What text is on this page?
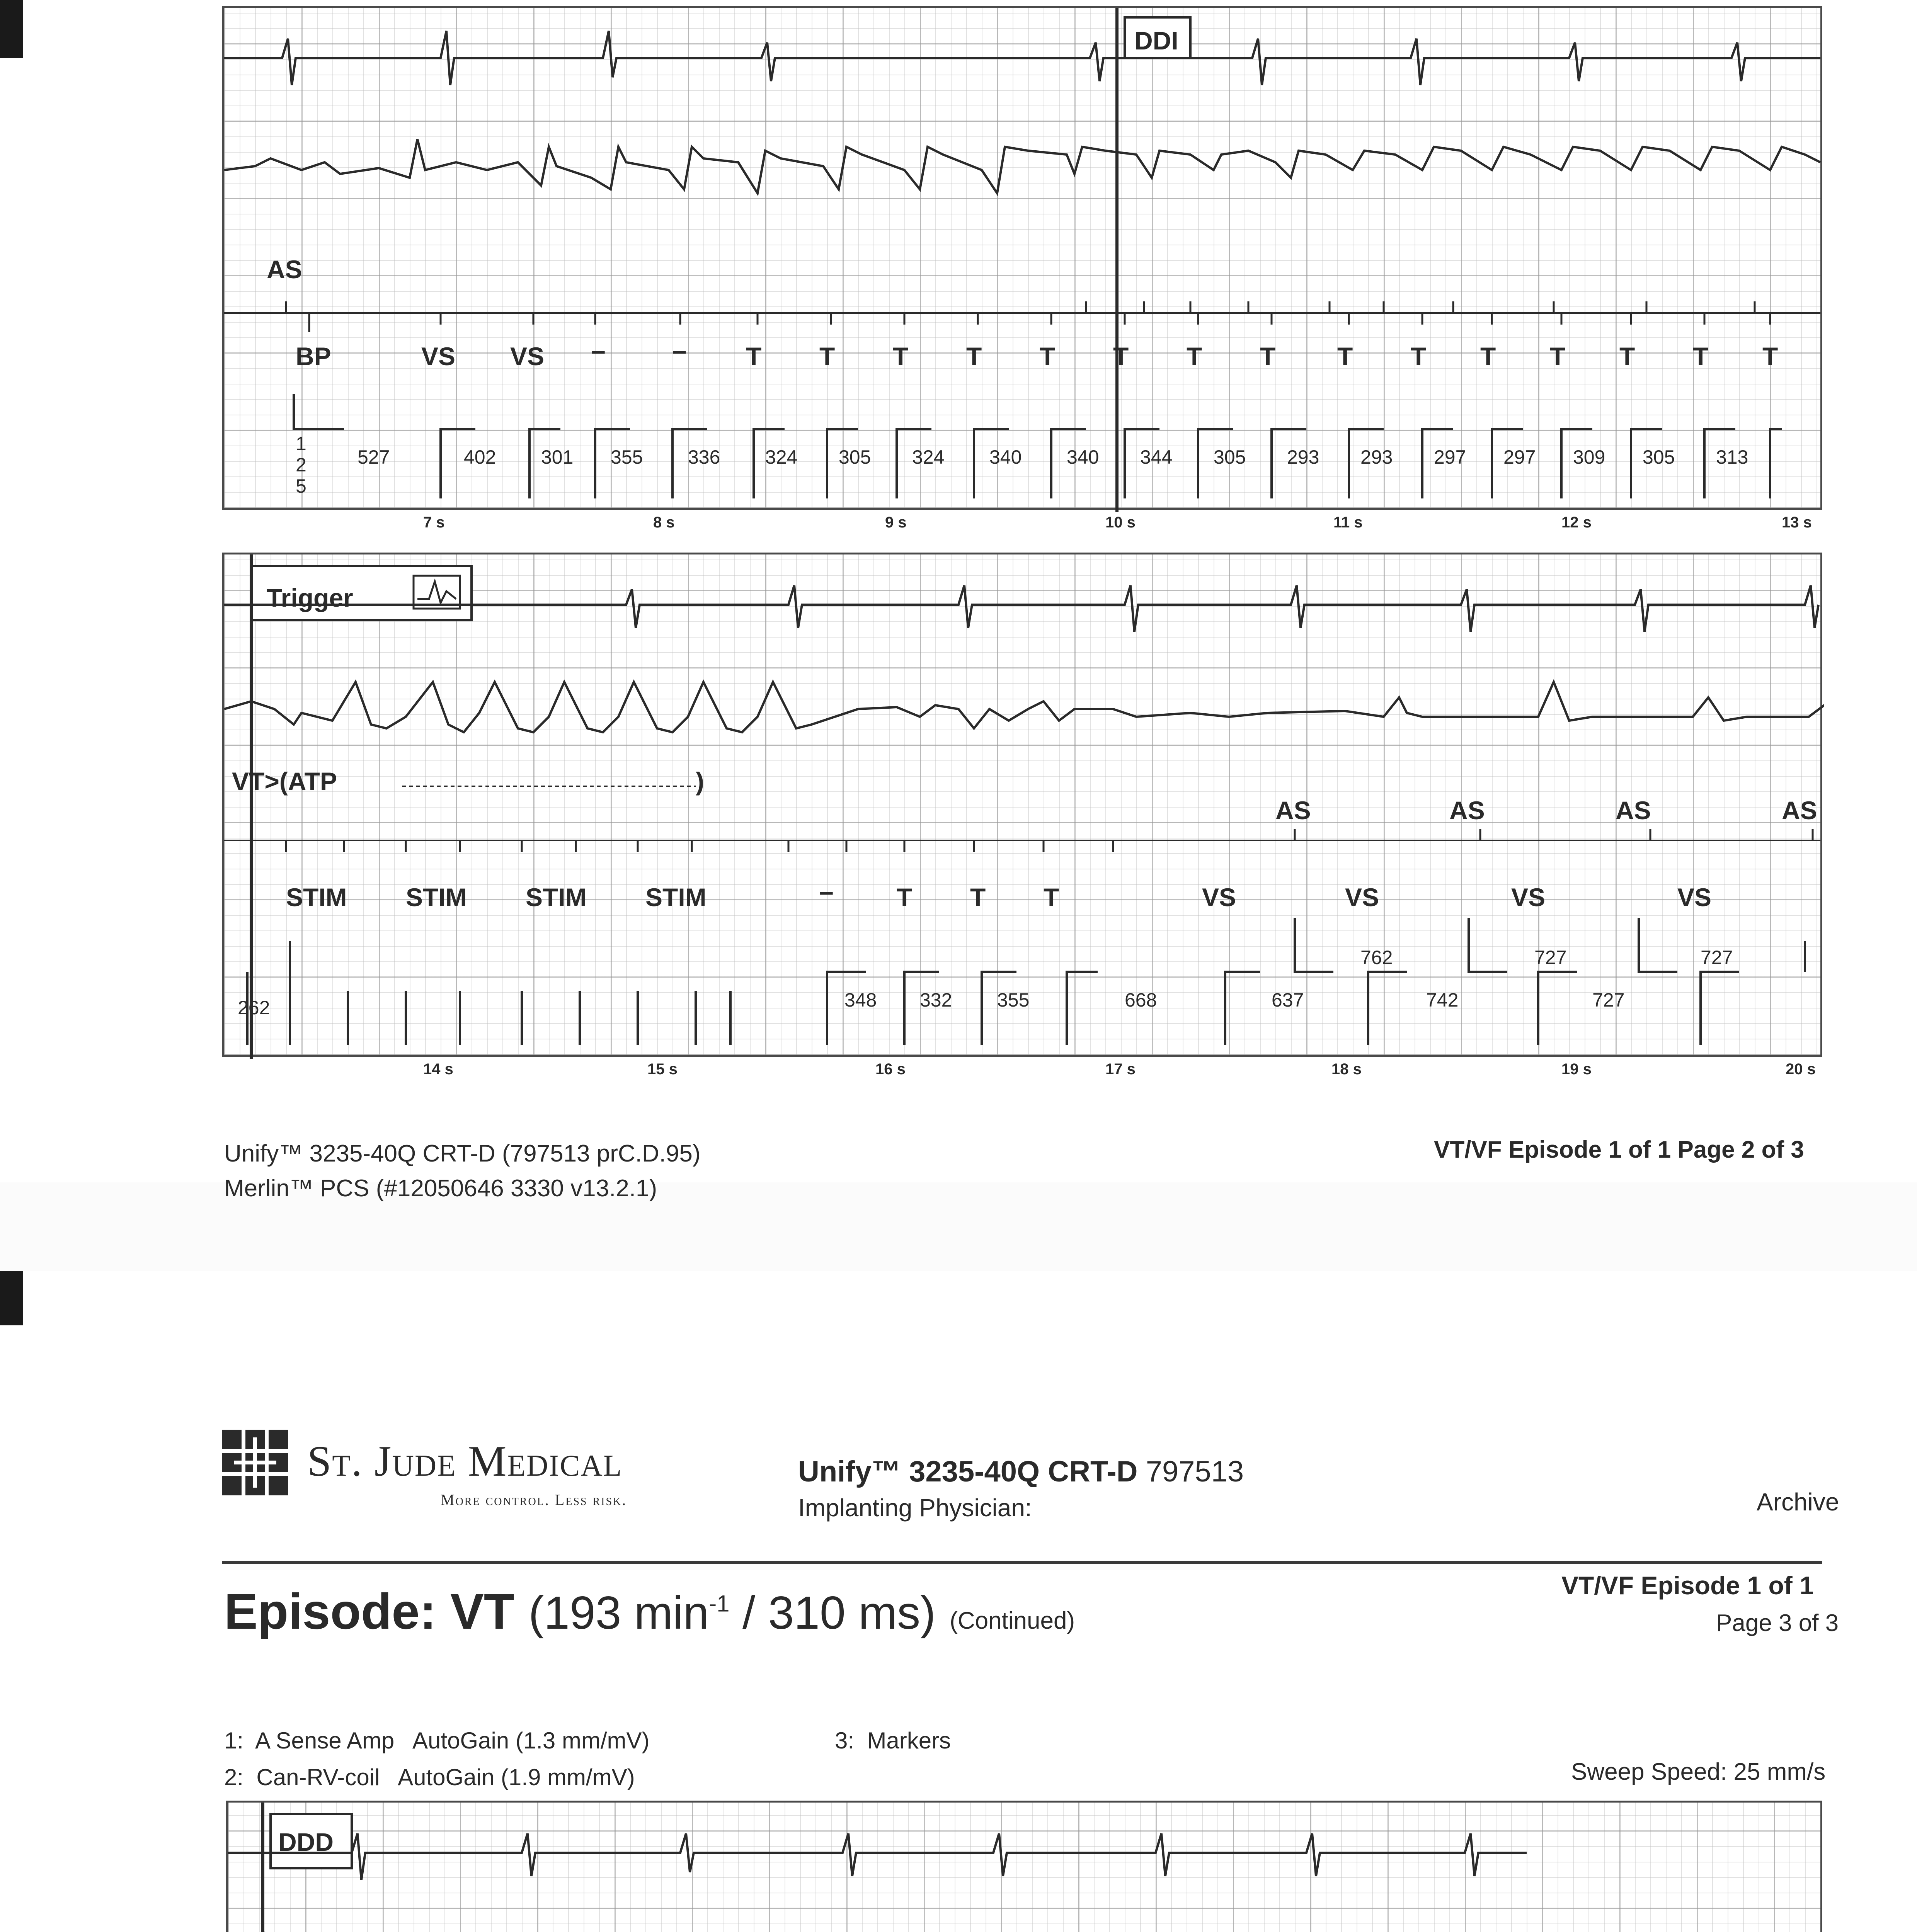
DDI
AS
BP	VS VS –	– T T T T T T T T T T T T T T T
1
2
5
527	402 301 355 336 324 305 324 340 340 344 305 293 293 297 297 309 305 313
7 s	8 s	9 s	10 s	11 s	12 s	13 s
Trigger
VT>(ATP	)
AS	AS	AS	AS
STIM STIM STIM STIM	– T T T	VS	VS	VS	VS
262	348 332 355	668	637	742	727
762	727	727
14 s	15 s	16 s	17 s	18 s	19 s	20 s
Unify™ 3235-40Q CRT-D (797513 prC.D.95)
Merlin™ PCS (#12050646 3330 v13.2.1)
VT/VF Episode 1 of 1 Page 2 of 3
St. Jude Medical
More control. Less risk.
Unify™ 3235-40Q CRT-D 797513
Implanting Physician:	Archive
Episode: VT (193 $\min^{-1} / 310$ ms) (Continued)
VT/VF Episode 1 of 1
Page 3 of 3
1:  A Sense Amp   AutoGain (1.3 mm/mV)
2:  Can-RV-coil   AutoGain (1.9 mm/mV)
3:  Markers
Sweep Speed: 25 mm/s
DDD
